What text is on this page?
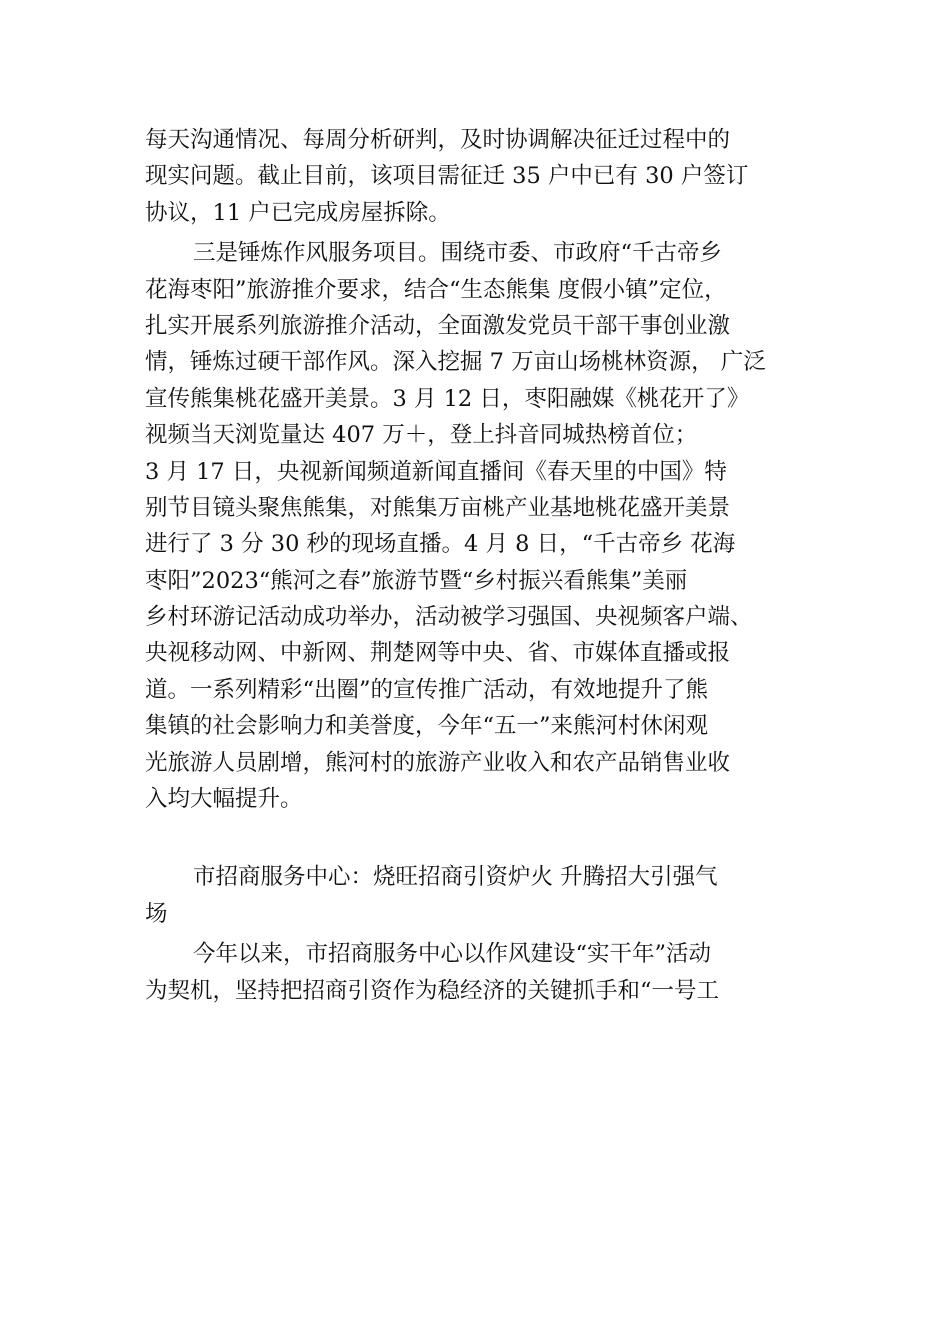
每天沟通情况、每周分析研判，及时协调解决征迁过程中的
现实问题。截止目前，该项目需征迁 35 户中已有 30 户签订
协议，11 户已完成房屋拆除。
三是锤炼作风服务项目。围绕市委、市政府“千古帝乡
花海枣阳”旅游推介要求，结合“生态熊集 度假小镇”定位，
扎实开展系列旅游推介活动，全面激发党员干部干事创业激
情，锤炼过硬干部作风。深入挖掘 7 万亩山场桃林资源， 广泛
宣传熊集桃花盛开美景。3 月 12 日，枣阳融媒《桃花开了》
视频当天浏览量达 407 万＋，登上抖音同城热榜首位；
3 月 17 日，央视新闻频道新闻直播间《春天里的中国》特
别节目镜头聚焦熊集，对熊集万亩桃产业基地桃花盛开美景
进行了 3 分 30 秒的现场直播。4 月 8 日，“千古帝乡 花海
枣阳”2023“熊河之春”旅游节暨“乡村振兴看熊集”美丽
乡村环游记活动成功举办，活动被学习强国、央视频客户端、
央视移动网、中新网、荆楚网等中央、省、市媒体直播或报
道。一系列精彩“出圈”的宣传推广活动，有效地提升了熊
集镇的社会影响力和美誉度，今年“五一”来熊河村休闲观
光旅游人员剧增，熊河村的旅游产业收入和农产品销售业收
入均大幅提升。
市招商服务中心：烧旺招商引资炉火 升腾招大引强气
场
今年以来，市招商服务中心以作风建设“实干年”活动
为契机，坚持把招商引资作为稳经济的关键抓手和“一号工
